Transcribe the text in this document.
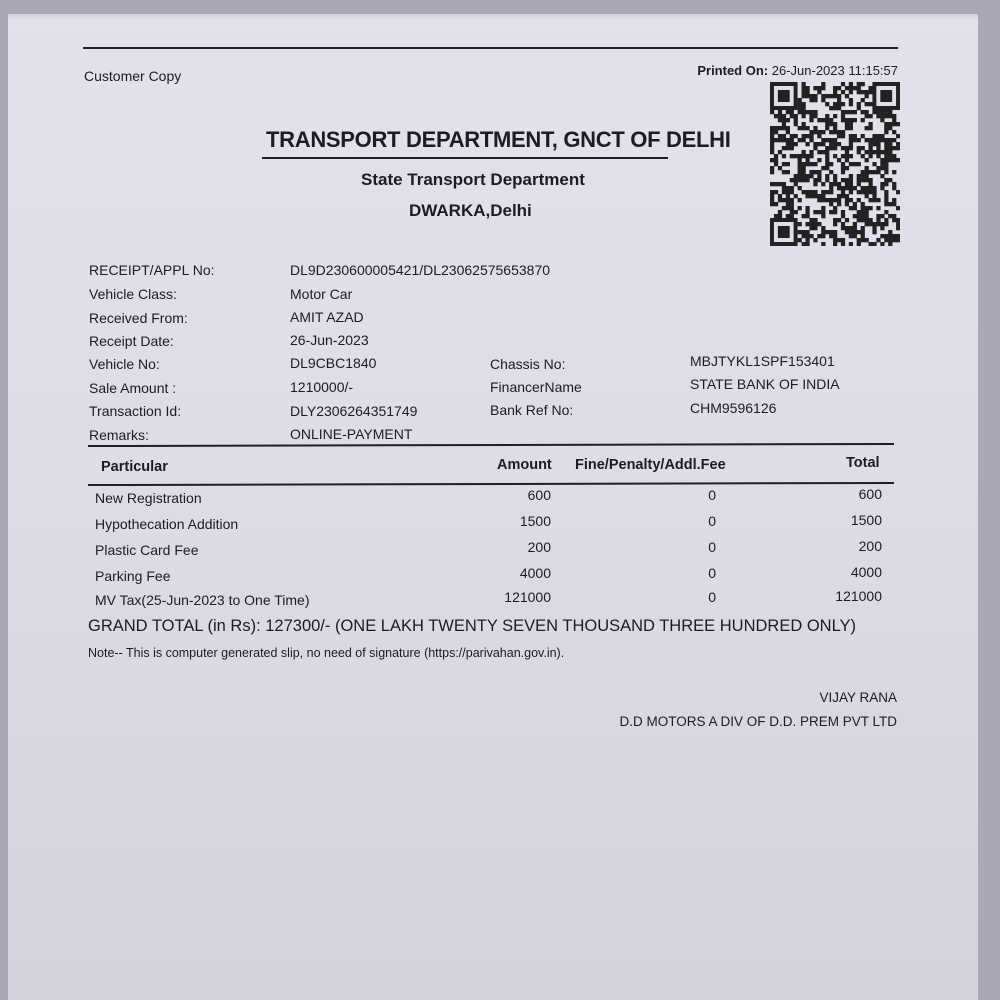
Customer Copy	Printed On: 26-Jun-2023 11:15:57
TRANSPORT DEPARTMENT, GNCT OF DELHI
State Transport Department
DWARKA,Delhi
RECEIPT/APPL No:	DL9D230600005421/DL23062575653870
Vehicle Class:	Motor Car
Received From:	AMIT AZAD
Receipt Date:	26-Jun-2023
Vehicle No:	DL9CBC1840
Sale Amount :	1210000/-
Transaction Id:	DLY2306264351749
Remarks:	ONLINE-PAYMENT
Chassis No:	MBJTYKL1SPF153401
FinancerName	STATE BANK OF INDIA
Bank Ref No:	CHM9596126
Particular	Amount Fine/Penalty/Addl.Fee	Total
New Registration	600	0	600
Hypothecation Addition	1500	0	1500
Plastic Card Fee	200	0	200
Parking Fee	4000	0	4000
MV Tax(25-Jun-2023 to One Time)	121000	0	121000
GRAND TOTAL (in Rs): 127300/- (ONE LAKH TWENTY SEVEN THOUSAND THREE HUNDRED ONLY)
Note-- This is computer generated slip, no need of signature (https://parivahan.gov.in).
VIJAY RANA
D.D MOTORS A DIV OF D.D. PREM PVT LTD
